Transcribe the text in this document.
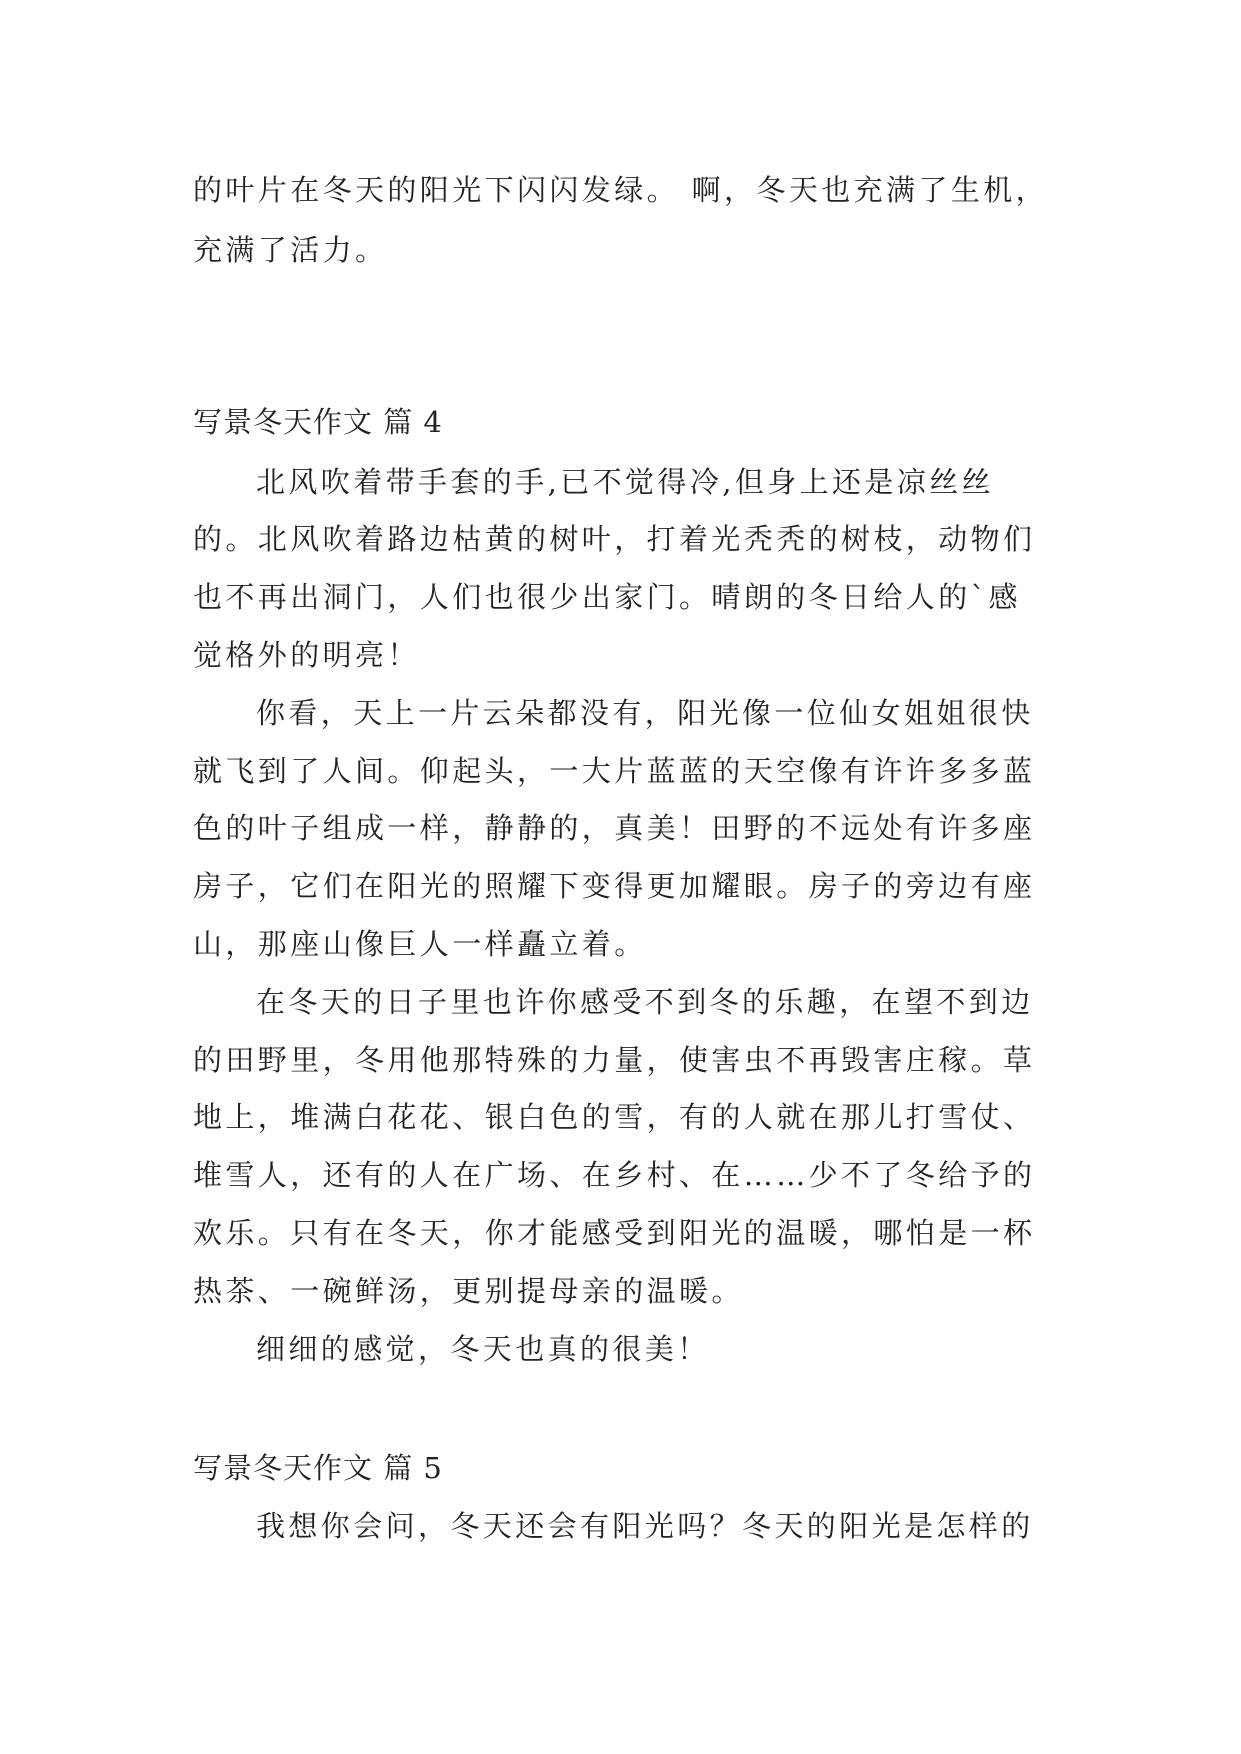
的叶片在冬天的阳光下闪闪发绿。 啊，冬天也充满了生机，
充满了活力。
写景冬天作文 篇 4
北风吹着带手套的手,已不觉得冷,但身上还是凉丝丝
的。北风吹着路边枯黄的树叶，打着光秃秃的树枝，动物们
也不再出洞门，人们也很少出家门。晴朗的冬日给人的`感
觉格外的明亮！
你看，天上一片云朵都没有，阳光像一位仙女姐姐很快
就飞到了人间。仰起头，一大片蓝蓝的天空像有许许多多蓝
色的叶子组成一样，静静的，真美！田野的不远处有许多座
房子，它们在阳光的照耀下变得更加耀眼。房子的旁边有座
山，那座山像巨人一样矗立着。
在冬天的日子里也许你感受不到冬的乐趣，在望不到边
的田野里，冬用他那特殊的力量，使害虫不再毁害庄稼。草
地上，堆满白花花、银白色的雪，有的人就在那儿打雪仗、
堆雪人，还有的人在广场、在乡村、在……少不了冬给予的
欢乐。只有在冬天，你才能感受到阳光的温暖，哪怕是一杯
热茶、一碗鲜汤，更别提母亲的温暖。
细细的感觉，冬天也真的很美！
写景冬天作文 篇 5
我想你会问，冬天还会有阳光吗？冬天的阳光是怎样的
